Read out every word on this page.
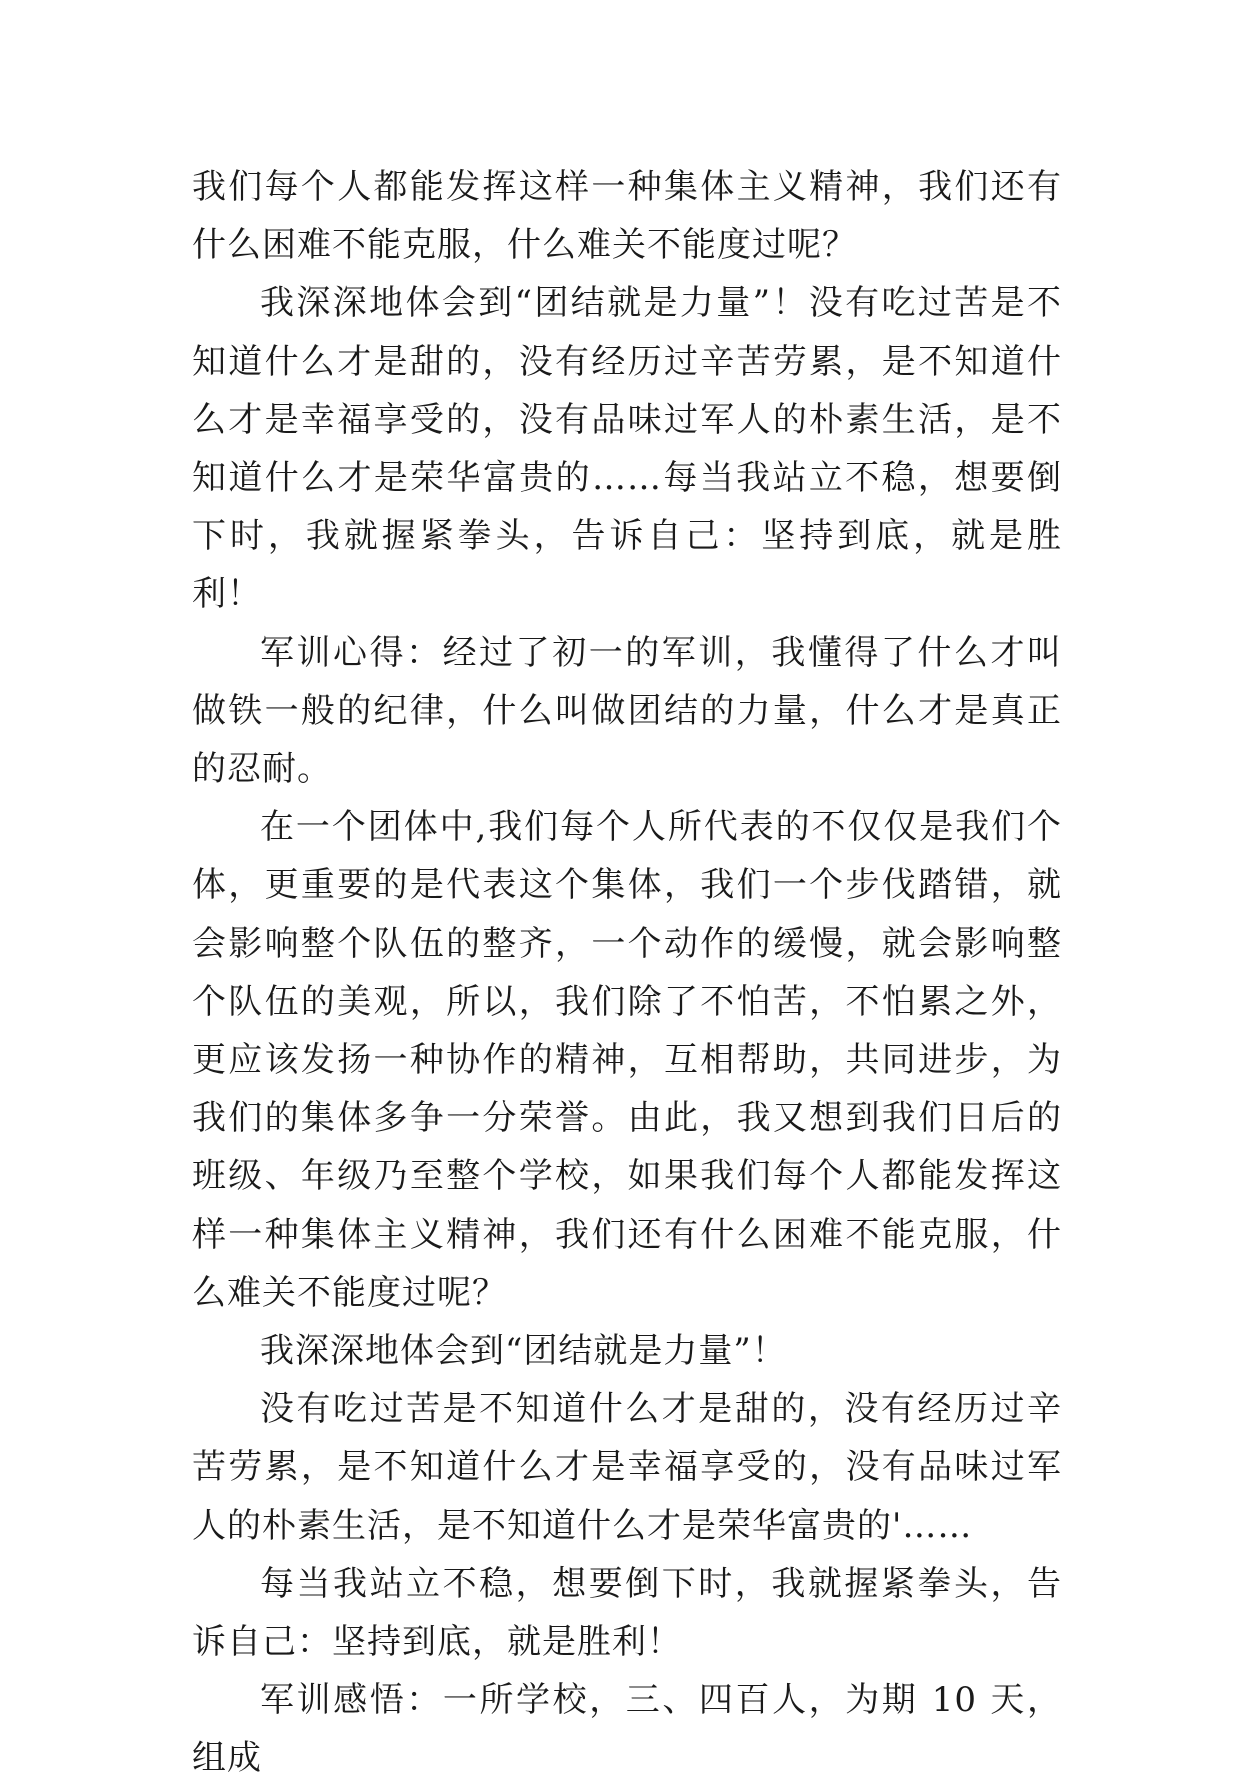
我们每个人都能发挥这样一种集体主义精神，我们还有什么困难不能克服，什么难关不能度过呢？

我深深地体会到“团结就是力量”！没有吃过苦是不知道什么才是甜的，没有经历过辛苦劳累，是不知道什么才是幸福享受的，没有品味过军人的朴素生活，是不知道什么才是荣华富贵的……每当我站立不稳，想要倒下时，我就握紧拳头，告诉自己：坚持到底，就是胜利！

军训心得：经过了初一的军训，我懂得了什么才叫做铁一般的纪律，什么叫做团结的力量，什么才是真正的忍耐。

在一个团体中,我们每个人所代表的不仅仅是我们个体，更重要的是代表这个集体，我们一个步伐踏错，就会影响整个队伍的整齐，一个动作的缓慢，就会影响整个队伍的美观，所以，我们除了不怕苦，不怕累之外，更应该发扬一种协作的精神，互相帮助，共同进步，为我们的集体多争一分荣誉。由此，我又想到我们日后的班级、年级乃至整个学校，如果我们每个人都能发挥这样一种集体主义精神，我们还有什么困难不能克服，什么难关不能度过呢？

我深深地体会到“团结就是力量”！

没有吃过苦是不知道什么才是甜的，没有经历过辛苦劳累，是不知道什么才是幸福享受的，没有品味过军人的朴素生活，是不知道什么才是荣华富贵的'……

每当我站立不稳，想要倒下时，我就握紧拳头，告诉自己：坚持到底，就是胜利！

军训感悟：一所学校，三、四百人，为期 10 天，组成
